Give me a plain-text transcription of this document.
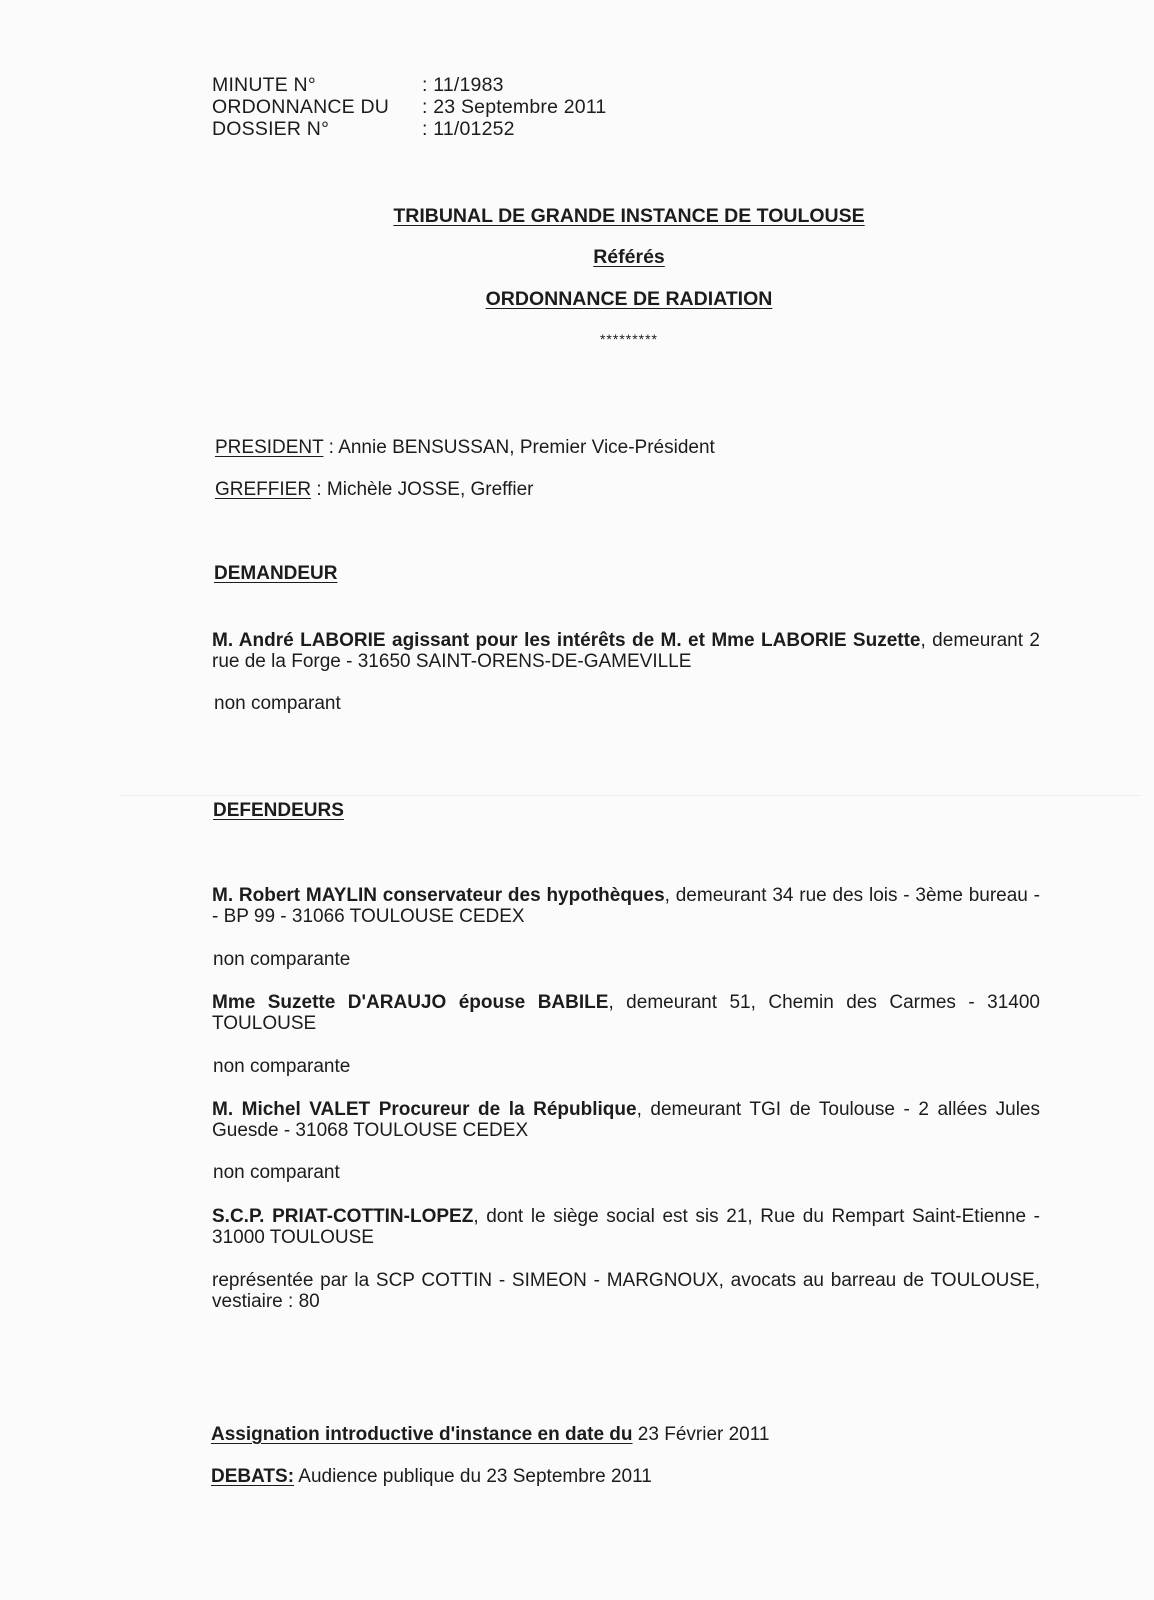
MINUTE N°	: 11/1983
ORDONNANCE DU : 23 Septembre 2011
DOSSIER N°	: 11/01252
TRIBUNAL DE GRANDE INSTANCE DE TOULOUSE
Référés
ORDONNANCE DE RADIATION
*********
PRESIDENT : Annie BENSUSSAN, Premier Vice-Président
GREFFIER : Michèle JOSSE, Greffier
DEMANDEUR
M. André LABORIE agissant pour les intérêts de M. et Mme LABORIE Suzette, demeurant 2 rue de la Forge - 31650 SAINT-ORENS-DE-GAMEVILLE
non comparant
DEFENDEURS
M. Robert MAYLIN conservateur des hypothèques, demeurant 34 rue des lois - 3ème bureau - - BP 99 - 31066 TOULOUSE CEDEX
non comparante
Mme Suzette D'ARAUJO épouse BABILE, demeurant 51, Chemin des Carmes - 31400 TOULOUSE
non comparante
M. Michel VALET Procureur de la République, demeurant TGI de Toulouse - 2 allées Jules Guesde - 31068 TOULOUSE CEDEX
non comparant
S.C.P. PRIAT-COTTIN-LOPEZ, dont le siège social est sis 21, Rue du Rempart Saint-Etienne - 31000 TOULOUSE
représentée par la SCP COTTIN - SIMEON - MARGNOUX, avocats au barreau de TOULOUSE, vestiaire : 80
Assignation introductive d'instance en date du 23 Février 2011
DEBATS: Audience publique du 23 Septembre 2011
